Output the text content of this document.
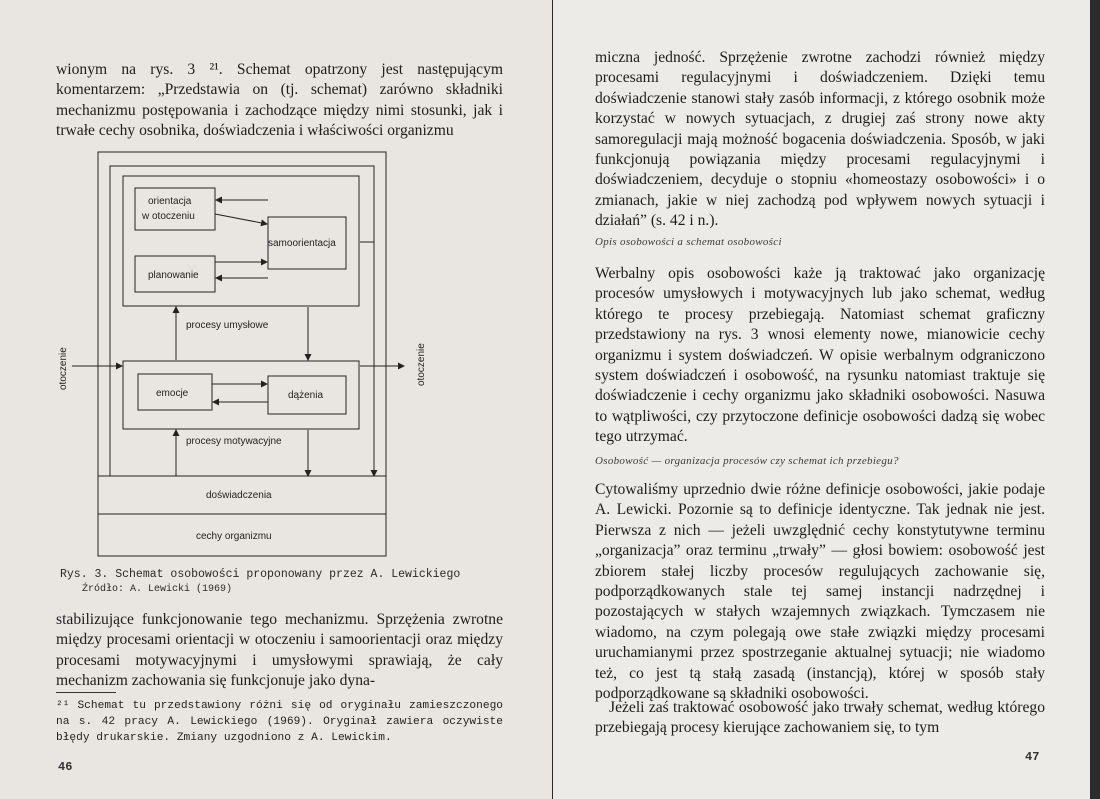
wionym na rys. 3 ²¹. Schemat opatrzony jest następującym komentarzem: „Przedstawia on (tj. schemat) zarówno składniki mechanizmu postępowania i zachodzące między nimi stosunki, jak i trwałe cechy osobnika, doświadczenia i właściwości organizmu

orientacja
w otoczeniu
samoorientacja
planowanie
procesy umysłowe
emocje	dążenia
procesy motywacyjne
doświadczenia
cechy organizmu
otoczenie	otoczenie
Rys. 3. Schemat osobowości proponowany przez A. Lewickiego
Źródło: A. Lewicki (1969)

stabilizujące funkcjonowanie tego mechanizmu. Sprzężenia zwrotne między procesami orientacji w otoczeniu i samoorientacji oraz między procesami motywacyjnymi i umysłowymi sprawiają, że cały mechanizm zachowania się funkcjonuje jako dyna-

²¹ Schemat tu przedstawiony różni się od oryginału zamieszczonego na s. 42 pracy A. Lewickiego (1969). Oryginał zawiera oczywiste błędy drukarskie. Zmiany uzgodniono z A. Lewickim.

46

miczna jedność. Sprzężenie zwrotne zachodzi również między procesami regulacyjnymi i doświadczeniem. Dzięki temu doświadczenie stanowi stały zasób informacji, z którego osobnik może korzystać w nowych sytuacjach, z drugiej zaś strony nowe akty samoregulacji mają możność bogacenia doświadczenia. Sposób, w jaki funkcjonują powiązania między procesami regulacyjnymi i doświadczeniem, decyduje o stopniu «homeostazy osobowości» i o zmianach, jakie w niej zachodzą pod wpływem nowych sytuacji i działań” (s. 42 i n.).

Opis osobowości a schemat osobowości

Werbalny opis osobowości każe ją traktować jako organizację procesów umysłowych i motywacyjnych lub jako schemat, według którego te procesy przebiegają. Natomiast schemat graficzny przedstawiony na rys. 3 wnosi elementy nowe, mianowicie cechy organizmu i system doświadczeń. W opisie werbalnym odgraniczono system doświadczeń i osobowość, na rysunku natomiast traktuje się doświadczenie i cechy organizmu jako składniki osobowości. Nasuwa to wątpliwości, czy przytoczone definicje osobowości dadzą się wobec tego utrzymać.

Osobowość — organizacja procesów czy schemat ich przebiegu?

Cytowaliśmy uprzednio dwie różne definicje osobowości, jakie podaje A. Lewicki. Pozornie są to definicje identyczne. Tak jednak nie jest. Pierwsza z nich — jeżeli uwzględnić cechy konstytutywne terminu „organizacja” oraz terminu „trwały” — głosi bowiem: osobowość jest zbiorem stałej liczby procesów regulujących zachowanie się, podporządkowanych stale tej samej instancji nadrzędnej i pozostających w stałych wzajemnych związkach. Tymczasem nie wiadomo, na czym polegają owe stałe związki między procesami uruchamianymi przez spostrzeganie aktualnej sytuacji; nie wiadomo też, co jest tą stałą zasadą (instancją), której w sposób stały podporządkowane są składniki osobowości.

Jeżeli zaś traktować osobowość jako trwały schemat, według którego przebiegają procesy kierujące zachowaniem się, to tym

47
